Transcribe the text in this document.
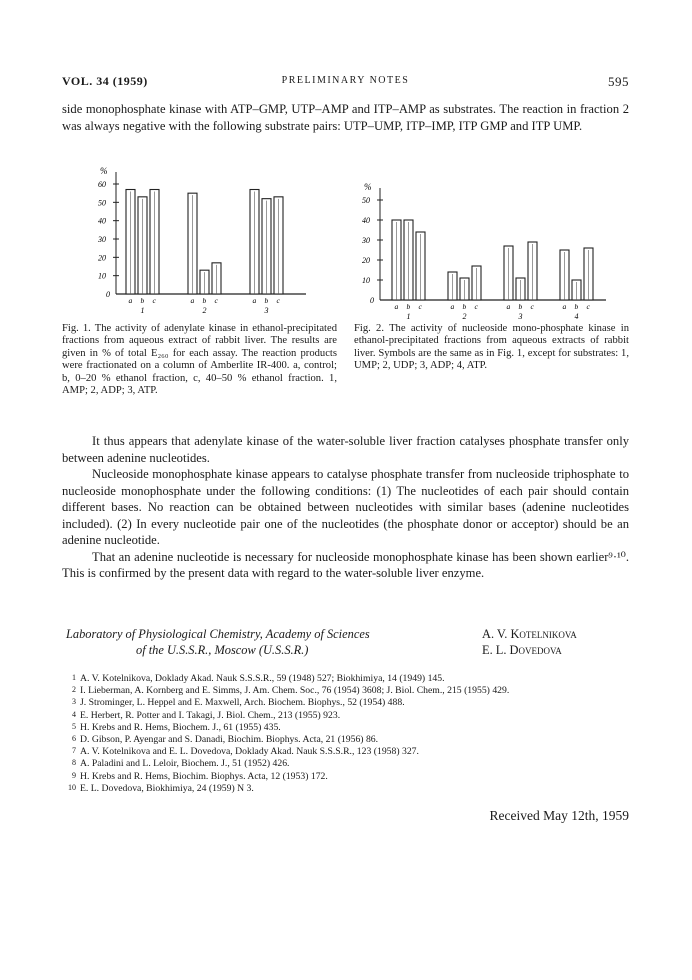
VOL. 34 (1959)	PRELIMINARY NOTES	595

side monophosphate kinase with ATP–GMP, UTP–AMP and ITP–AMP as substrates. The reaction in fraction 2 was always negative with the following substrate pairs: UTP–UMP, ITP–IMP, ITP GMP and ITP UMP.

%
0
10
20
30
40
50
60
a b c
1
a b c
2
a b c
3
%
0
10
20
30
40
50
a b c
1
a b c
2
a b c
3
a b c
4
Fig. 1. The activity of adenylate kinase in ethanol-precipitated fractions from aqueous extract of rabbit liver. The results are given in % of total E₂₆₀ for each assay. The reaction products were fractionated on a column of Amberlite IR-400. a, control; b, 0–20 % ethanol fraction, c, 40–50 % ethanol fraction. 1, AMP; 2, ADP; 3, ATP.
Fig. 2. The activity of nucleoside mono-phosphate kinase in ethanol-precipitated fractions from aqueous extracts of rabbit liver. Symbols are the same as in Fig. 1, except for substrates: 1, UMP; 2, UDP; 3, ADP; 4, ATP.

It thus appears that adenylate kinase of the water-soluble liver fraction catalyses phosphate transfer only between adenine nucleotides.

Nucleoside monophosphate kinase appears to catalyse phosphate transfer from nucleoside triphosphate to nucleoside monophosphate under the following conditions: (1) The nucleotides of each pair should contain different bases. No reaction can be obtained between nucleotides with similar bases (adenine nucleotides included). (2) In every nucleotide pair one of the nucleotides (the phosphate donor or acceptor) should be an adenine nucleotide.

That an adenine nucleotide is necessary for nucleoside monophosphate kinase has been shown earlier⁹·¹⁰. This is confirmed by the present data with regard to the water-soluble liver enzyme.

Laboratory of Physiological Chemistry, Academy of Sciences
of the U.S.S.R., Moscow (U.S.S.R.)
A. V. Kotelnikova
E. L. Dovedova
1 A. V. Kotelnikova, Doklady Akad. Nauk S.S.S.R., 59 (1948) 527; Biokhimiya, 14 (1949) 145.
2 I. Lieberman, A. Kornberg and E. Simms, J. Am. Chem. Soc., 76 (1954) 3608; J. Biol. Chem., 215 (1955) 429.
3 J. Strominger, L. Heppel and E. Maxwell, Arch. Biochem. Biophys., 52 (1954) 488.
4 E. Herbert, R. Potter and I. Takagi, J. Biol. Chem., 213 (1955) 923.
5 H. Krebs and R. Hems, Biochem. J., 61 (1955) 435.
6 D. Gibson, P. Ayengar and S. Danadi, Biochim. Biophys. Acta, 21 (1956) 86.
7 A. V. Kotelnikova and E. L. Dovedova, Doklady Akad. Nauk S.S.S.R., 123 (1958) 327.
8 A. Paladini and L. Leloir, Biochem. J., 51 (1952) 426.
9 H. Krebs and R. Hems, Biochim. Biophys. Acta, 12 (1953) 172.
10 E. L. Dovedova, Biokhimiya, 24 (1959) N 3.
Received May 12th, 1959
